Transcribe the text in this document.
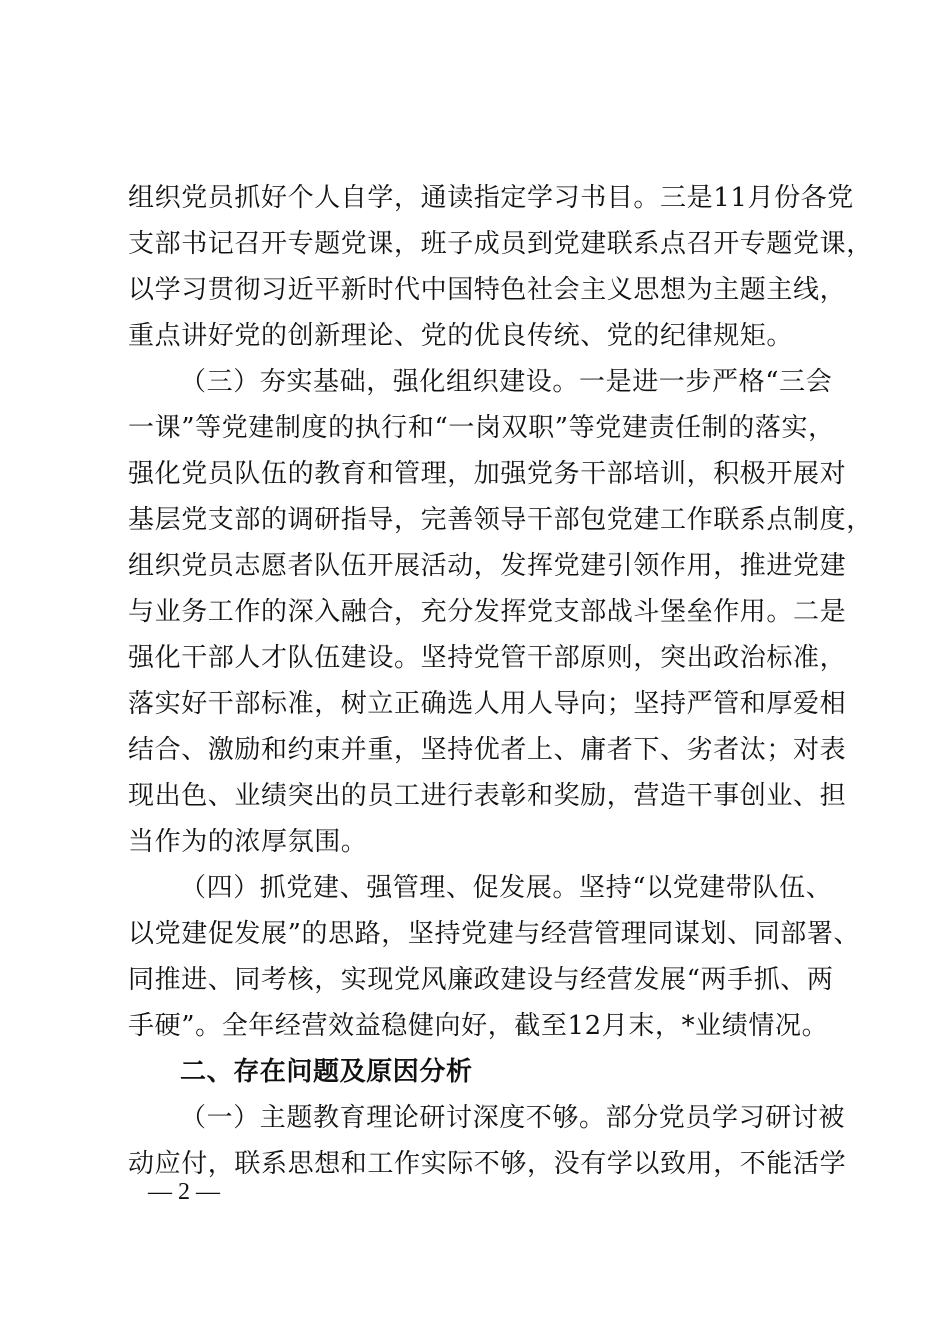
组织党员抓好个人自学，通读指定学习书目。三是11月份各党
支部书记召开专题党课，班子成员到党建联系点召开专题党课，
以学习贯彻习近平新时代中国特色社会主义思想为主题主线，
重点讲好党的创新理论、党的优良传统、党的纪律规矩。
（三）夯实基础，强化组织建设。一是进一步严格“三会
一课”等党建制度的执行和“一岗双职”等党建责任制的落实，
强化党员队伍的教育和管理，加强党务干部培训，积极开展对
基层党支部的调研指导，完善领导干部包党建工作联系点制度，
组织党员志愿者队伍开展活动，发挥党建引领作用，推进党建
与业务工作的深入融合，充分发挥党支部战斗堡垒作用。二是
强化干部人才队伍建设。坚持党管干部原则，突出政治标准，
落实好干部标准，树立正确选人用人导向；坚持严管和厚爱相
结合、激励和约束并重，坚持优者上、庸者下、劣者汰；对表
现出色、业绩突出的员工进行表彰和奖励，营造干事创业、担
当作为的浓厚氛围。
（四）抓党建、强管理、促发展。坚持“以党建带队伍、
以党建促发展”的思路，坚持党建与经营管理同谋划、同部署、
同推进、同考核，实现党风廉政建设与经营发展“两手抓、两
手硬”。全年经营效益稳健向好，截至12月末，*业绩情况。
二、存在问题及原因分析
（一）主题教育理论研讨深度不够。部分党员学习研讨被
动应付，联系思想和工作实际不够，没有学以致用，不能活学
— 2 —
